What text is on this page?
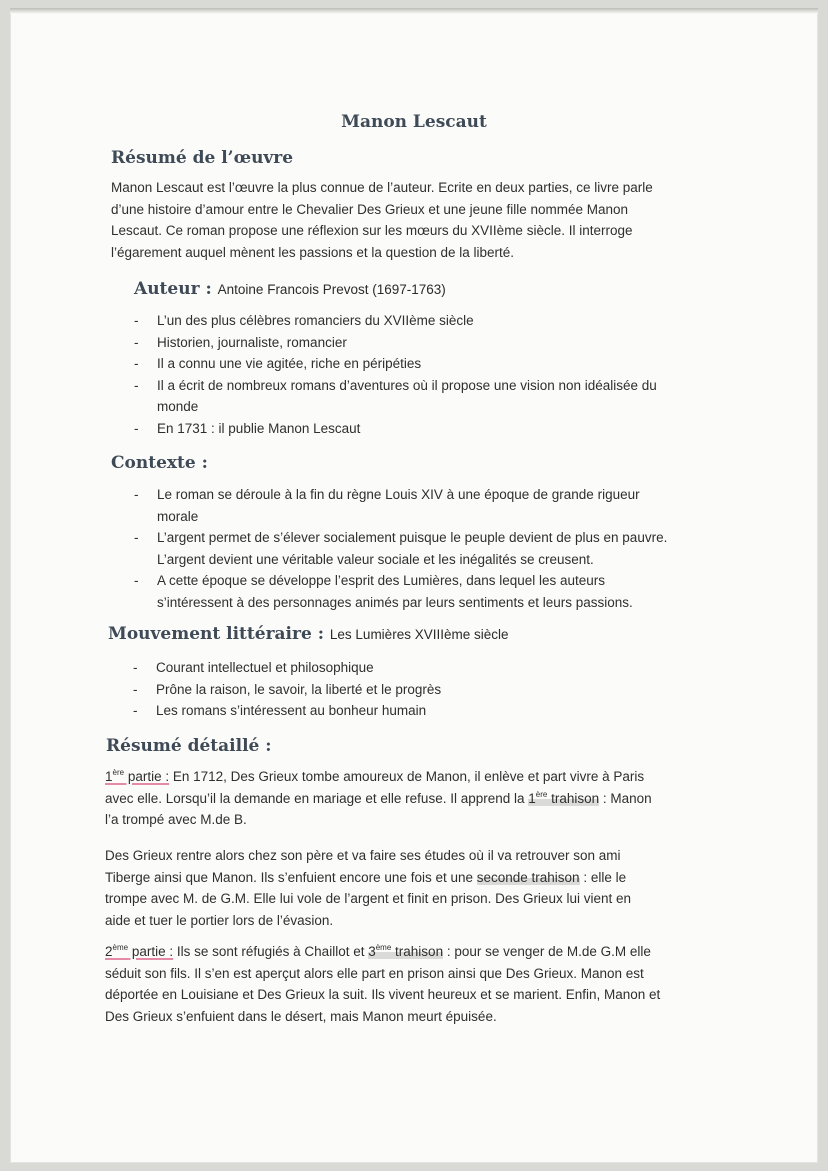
Manon Lescaut
Résumé de l’œuvre
Manon Lescaut est l’œuvre la plus connue de l’auteur. Ecrite en deux parties, ce livre parle
d’une histoire d’amour entre le Chevalier Des Grieux et une jeune fille nommée Manon
Lescaut. Ce roman propose une réflexion sur les mœurs du XVIIème siècle. Il interroge
l’égarement auquel mènent les passions et la question de la liberté.
Auteur : Antoine Francois Prevost (1697-1763)
- L’un des plus célèbres romanciers du XVIIème siècle
- Historien, journaliste, romancier
- Il a connu une vie agitée, riche en péripéties
- Il a écrit de nombreux romans d’aventures où il propose une vision non idéalisée du
monde
- En 1731 : il publie Manon Lescaut
Contexte :
- Le roman se déroule à la fin du règne Louis XIV à une époque de grande rigueur
morale
- L’argent permet de s’élever socialement puisque le peuple devient de plus en pauvre.
L’argent devient une véritable valeur sociale et les inégalités se creusent.
- A cette époque se développe l’esprit des Lumières, dans lequel les auteurs
s’intéressent à des personnages animés par leurs sentiments et leurs passions.
Mouvement littéraire : Les Lumières XVIIIème siècle
- Courant intellectuel et philosophique
- Prône la raison, le savoir, la liberté et le progrès
- Les romans s’intéressent au bonheur humain
Résumé détaillé :
1ère partie : En 1712, Des Grieux tombe amoureux de Manon, il enlève et part vivre à Paris
avec elle. Lorsqu’il la demande en mariage et elle refuse. Il apprend la 1ère trahison : Manon
l’a trompé avec M.de B.
Des Grieux rentre alors chez son père et va faire ses études où il va retrouver son ami
Tiberge ainsi que Manon. Ils s’enfuient encore une fois et une seconde trahison : elle le
trompe avec M. de G.M. Elle lui vole de l’argent et finit en prison. Des Grieux lui vient en
aide et tuer le portier lors de l’évasion.
2ème partie : Ils se sont réfugiés à Chaillot et 3ème trahison : pour se venger de M.de G.M elle
séduit son fils. Il s’en est aperçut alors elle part en prison ainsi que Des Grieux. Manon est
déportée en Louisiane et Des Grieux la suit. Ils vivent heureux et se marient. Enfin, Manon et
Des Grieux s’enfuient dans le désert, mais Manon meurt épuisée.
